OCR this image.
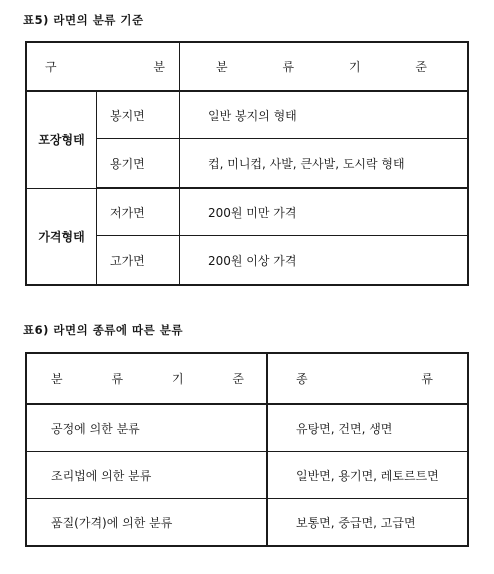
표5) 라면의 분류 기준
구 분		분 류 기 준

포장형태	봉지면	일반 봉지의 형태
	용기면	컵, 미니컵, 사발, 큰사발, 도시락 형태
가격형태	저가면	200원 미만 가격
	고가면	200원 이상 가격
표6) 라면의 종류에 따른 분류
분 류 기 준	종 류

공정에 의한 분류	유탕면, 건면, 생면
조리법에 의한 분류	일반면, 용기면, 레토르트면
품질(가격)에 의한 분류	보통면, 중급면, 고급면
